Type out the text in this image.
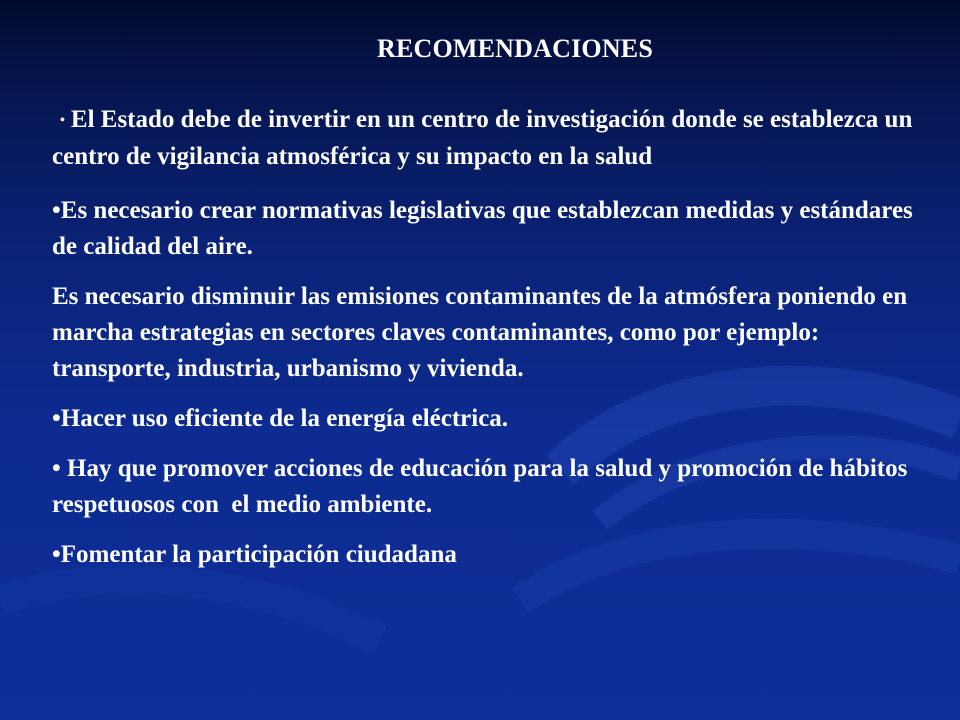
RECOMENDACIONES

• El Estado debe de invertir en un centro de investigación donde se establezca un centro de vigilancia atmosférica y su impacto en la salud

•Es necesario crear normativas legislativas que establezcan medidas y estándares de calidad del aire.

Es necesario disminuir las emisiones contaminantes de la atmósfera poniendo en marcha estrategias en sectores claves contaminantes, como por ejemplo: transporte, industria, urbanismo y vivienda.

•Hacer uso eficiente de la energía eléctrica.

• Hay que promover acciones de educación para la salud y promoción de hábitos respetuosos con  el medio ambiente.

•Fomentar la participación ciudadana
